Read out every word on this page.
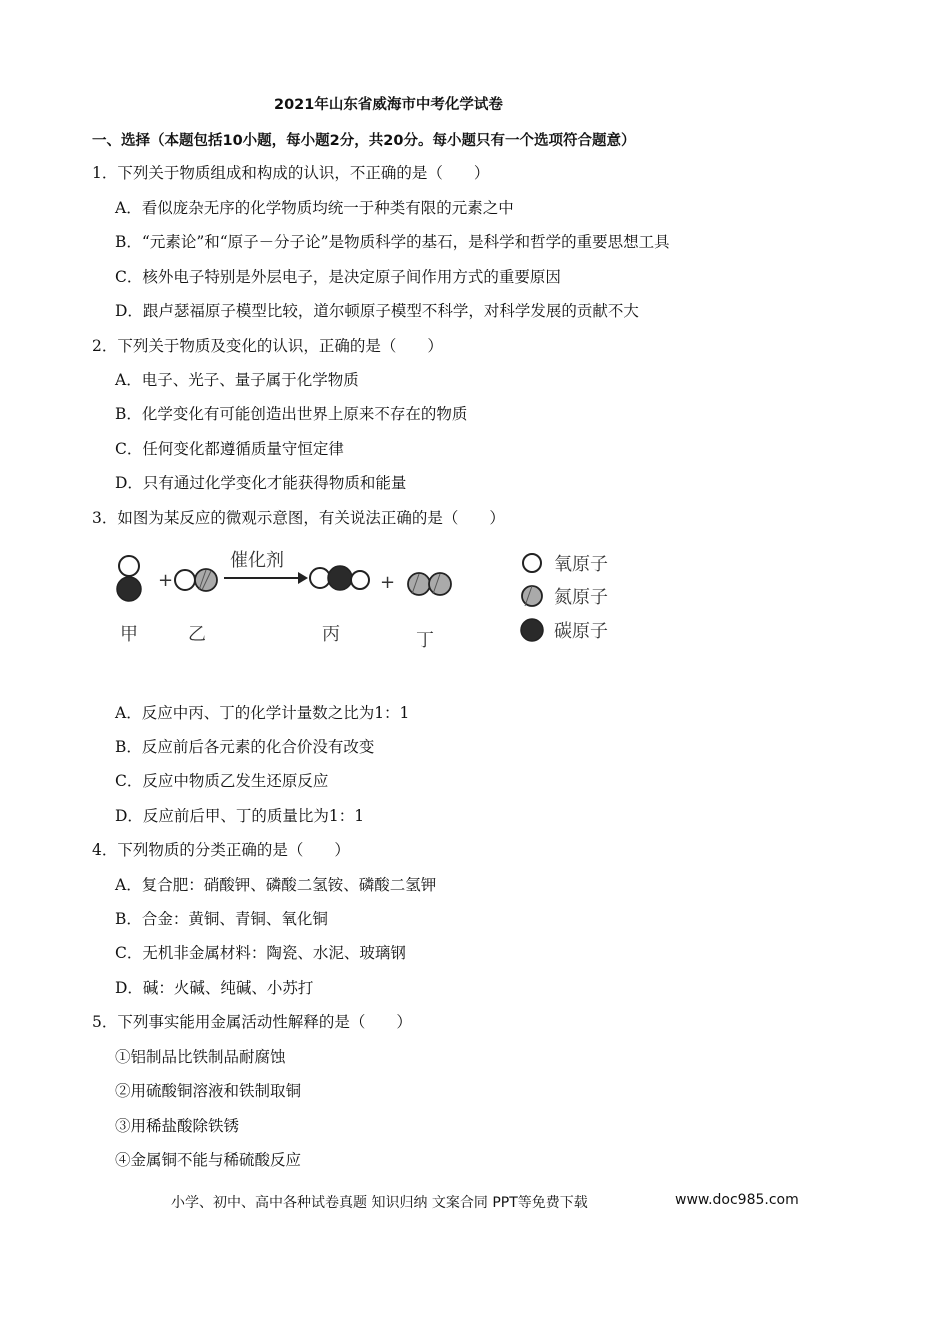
2021年山东省威海市中考化学试卷
一、选择（本题包括10小题，每小题2分，共20分。每小题只有一个选项符合题意）
1．下列关于物质组成和构成的认识，不正确的是（　　）
A．看似庞杂无序的化学物质均统一于种类有限的元素之中
B．“元素论”和“原子－分子论”是物质科学的基石，是科学和哲学的重要思想工具
C．核外电子特别是外层电子，是决定原子间作用方式的重要原因
D．跟卢瑟福原子模型比较，道尔顿原子模型不科学，对科学发展的贡献不大
2．下列关于物质及变化的认识，正确的是（　　）
A．电子、光子、量子属于化学物质
B．化学变化有可能创造出世界上原来不存在的物质
C．任何变化都遵循质量守恒定律
D．只有通过化学变化才能获得物质和能量
3．如图为某反应的微观示意图，有关说法正确的是（　　）
+
催化剂
+
甲	乙	丙	丁
氧原子
氮原子
碳原子
A．反应中丙、丁的化学计量数之比为1：1
B．反应前后各元素的化合价没有改变
C．反应中物质乙发生还原反应
D．反应前后甲、丁的质量比为1：1
4．下列物质的分类正确的是（　　）
A．复合肥：硝酸钾、磷酸二氢铵、磷酸二氢钾
B．合金：黄铜、青铜、氧化铜
C．无机非金属材料：陶瓷、水泥、玻璃钢
D．碱：火碱、纯碱、小苏打
5．下列事实能用金属活动性解释的是（　　）
①铝制品比铁制品耐腐蚀
②用硫酸铜溶液和铁制取铜
③用稀盐酸除铁锈
④金属铜不能与稀硫酸反应
小学、初中、高中各种试卷真题 知识归纳 文案合同 PPT等免费下载	www.doc985.com
